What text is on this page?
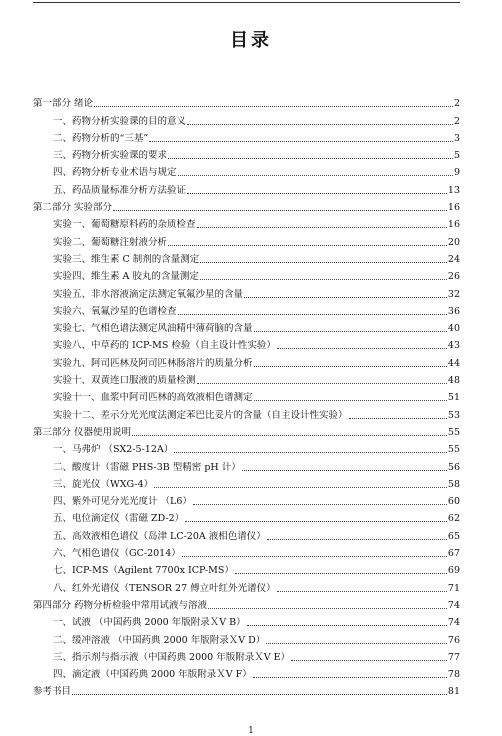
目录
第一部分 绪论	2
一、药物分析实验课的目的意义	2
二、药物分析的“三基”	3
三、药物分析实验课的要求	5
四、药物分析专业术语与规定	9
五、药品质量标准分析方法验证	13
第二部分 实验部分	16
实验一、葡萄糖原料药的杂质检查	16
实验二、葡萄糖注射液分析	20
实验三、维生素 C 制剂的含量测定	24
实验四、维生素 A 胶丸的含量测定	26
实验五、非水溶液滴定法测定氧氟沙星的含量	32
实验六、氧氟沙星的色谱检查	36
实验七、气相色谱法测定风油精中薄荷脑的含量	40
实验八、中草药的 ICP-MS 检验（自主设计性实验）	43
实验九、阿司匹林及阿司匹林肠溶片的质量分析	44
实验十、双黄连口服液的质量检测	48
实验十一、血浆中阿司匹林的高效液相色谱测定	51
实验十二、差示分光光度法测定苯巴比妥片的含量（自主设计性实验）	53
第三部分 仪器使用说明	55
一、马弗炉 （SX2-5-12A）	55
二、酸度计（雷磁 PHS-3B 型精密 pH 计）	56
三、旋光仪（WXG-4）	58
四、紫外可见分光光度计 （L6）	60
五、电位滴定仪（雷磁 ZD-2）	62
五、高效液相色谱仪（岛津 LC-20A 液相色谱仪）	65
六、气相色谱仪（GC-2014）	67
七、ICP-MS（Agilent 7700x ICP-MS）	69
八、红外光谱仪（TENSOR 27 傅立叶红外光谱仪）	71
第四部分 药物分析检验中常用试液与溶液	74
一、试液 （中国药典 2000 年版附录ＸⅤ B）	74
二、缓冲溶液 （中国药典 2000 年版附录ＸⅤ D）	76
三、指示剂与指示液（中国药典 2000 年版附录ＸⅤ E）	77
四、滴定液（中国药典 2000 年版附录ＸⅤ F）	78
参考书目	81
1
